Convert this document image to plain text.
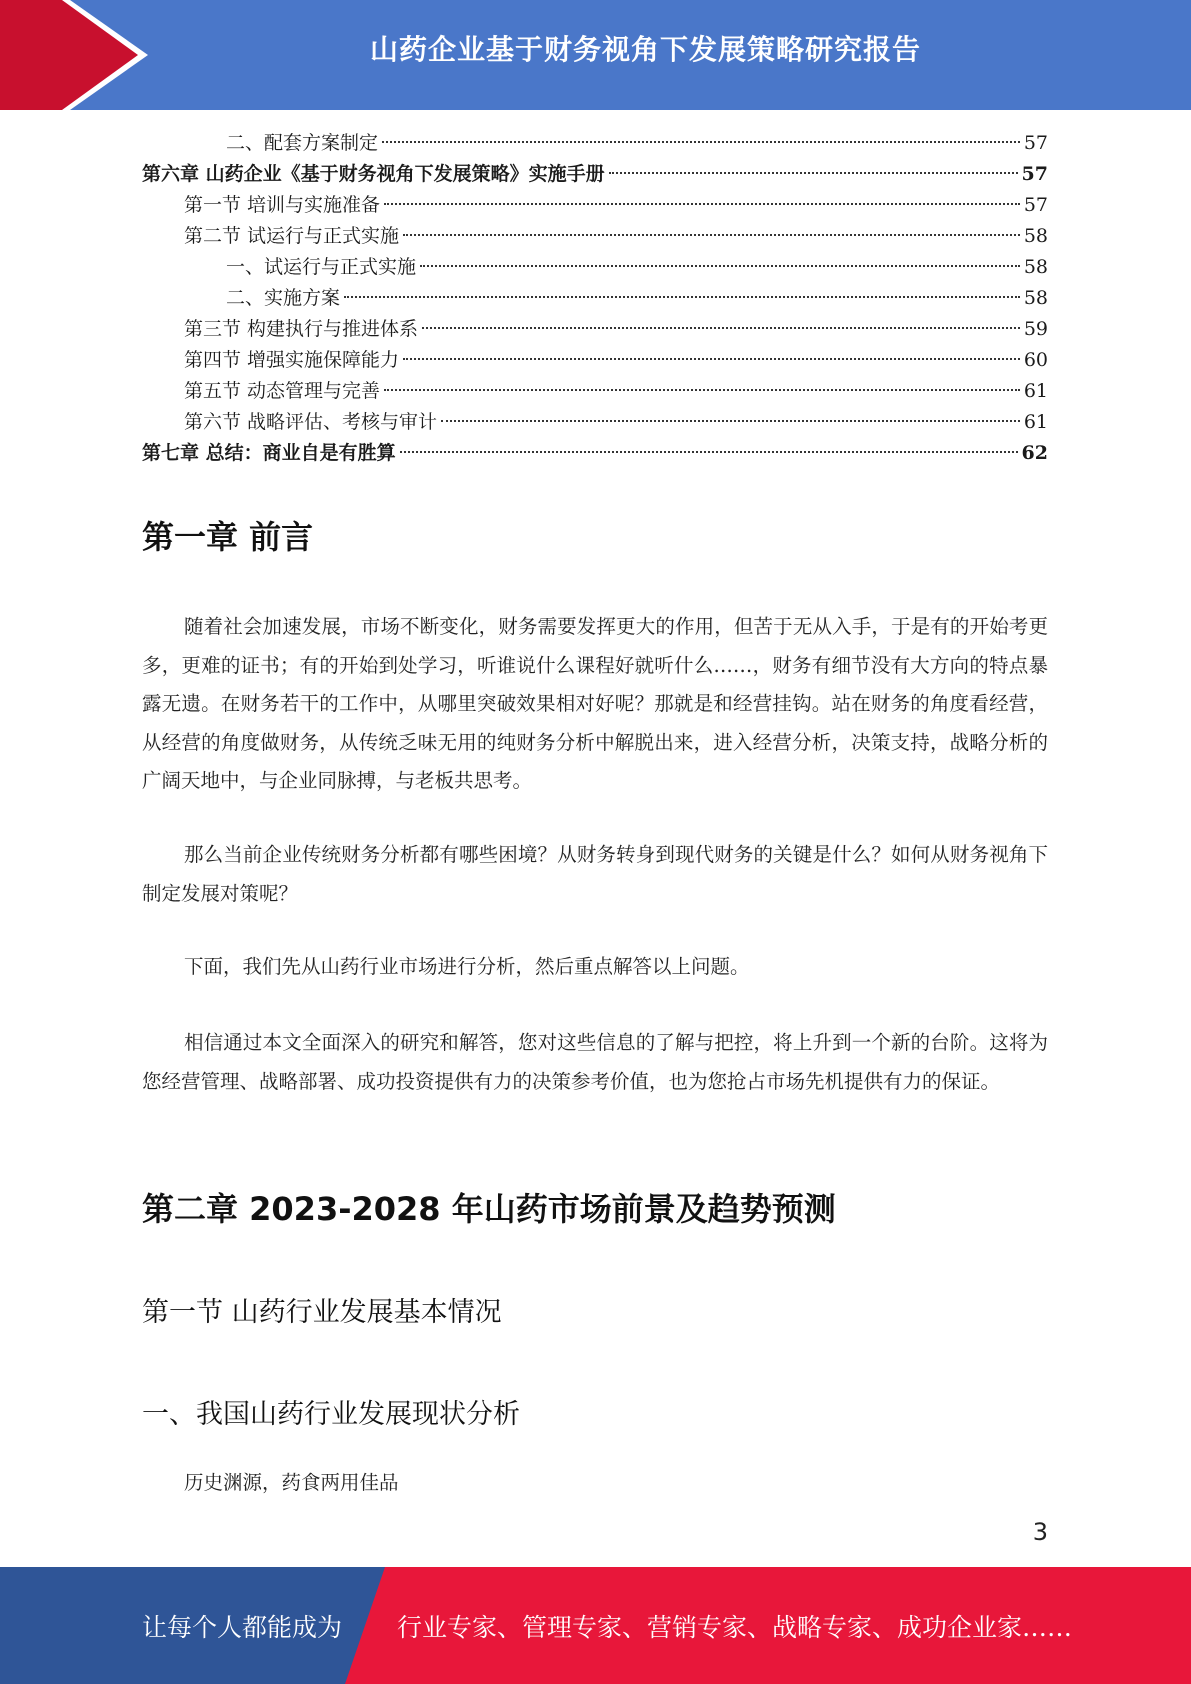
山药企业基于财务视角下发展策略研究报告
二、配套方案制定	57
第六章 山药企业《基于财务视角下发展策略》实施手册	57
第一节 培训与实施准备	57
第二节 试运行与正式实施	58
一、试运行与正式实施	58
二、实施方案	58
第三节 构建执行与推进体系	59
第四节 增强实施保障能力	60
第五节 动态管理与完善	61
第六节 战略评估、考核与审计	61
第七章 总结：商业自是有胜算	62
第一章 前言
随着社会加速发展，市场不断变化，财务需要发挥更大的作用，但苦于无从入手，于是有的开始考更多，更难的证书；有的开始到处学习，听谁说什么课程好就听什么……，财务有细节没有大方向的特点暴露无遗。在财务若干的工作中，从哪里突破效果相对好呢？那就是和经营挂钩。站在财务的角度看经营，从经营的角度做财务，从传统乏味无用的纯财务分析中解脱出来，进入经营分析，决策支持，战略分析的广阔天地中，与企业同脉搏，与老板共思考。
那么当前企业传统财务分析都有哪些困境？从财务转身到现代财务的关键是什么？如何从财务视角下制定发展对策呢？
下面，我们先从山药行业市场进行分析，然后重点解答以上问题。
相信通过本文全面深入的研究和解答，您对这些信息的了解与把控，将上升到一个新的台阶。这将为您经营管理、战略部署、成功投资提供有力的决策参考价值，也为您抢占市场先机提供有力的保证。
第二章 2023-2028 年山药市场前景及趋势预测
第一节 山药行业发展基本情况
一、我国山药行业发展现状分析
历史渊源，药食两用佳品
3
让每个人都能成为 行业专家、管理专家、营销专家、战略专家、成功企业家……
